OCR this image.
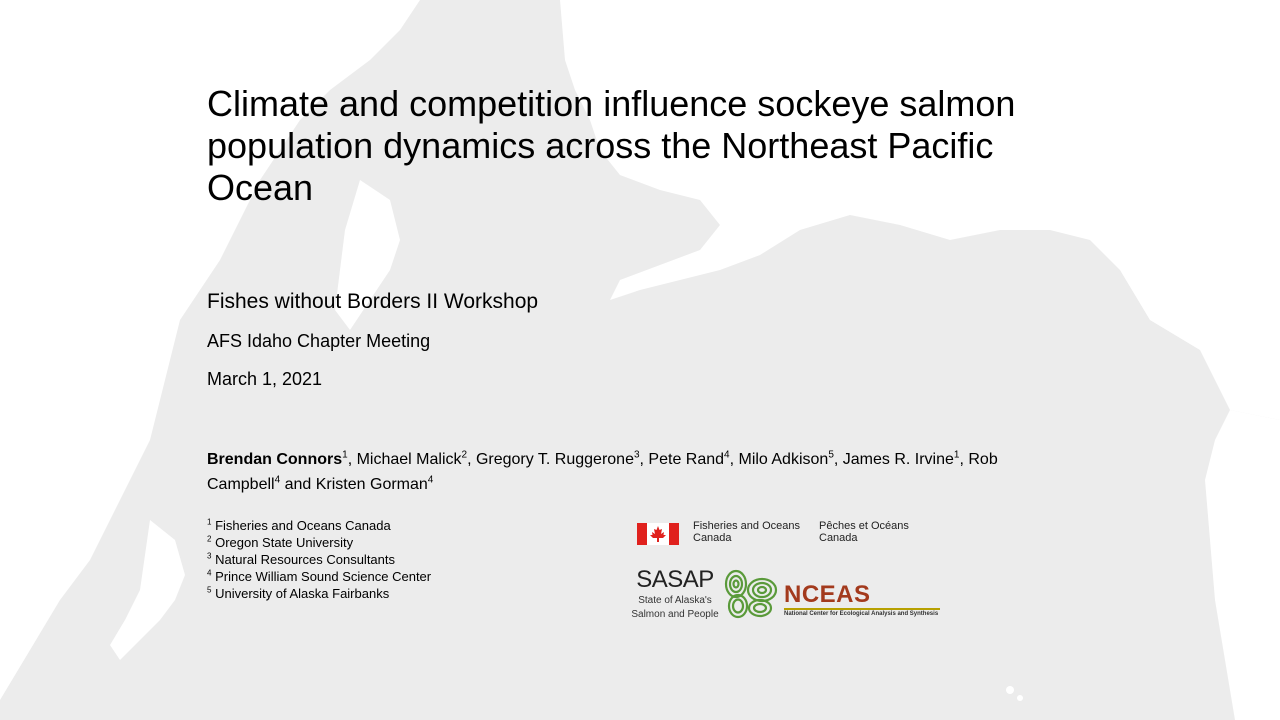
Climate and competition influence sockeye salmon population dynamics across the Northeast Pacific Ocean

Fishes without Borders II Workshop

AFS Idaho Chapter Meeting

March 1, 2021

Brendan Connors$^1$, Michael Malick$^2$, Gregory T. Ruggerone$^3$, Pete Rand$^4$, Milo Adkison$^5$, James R. Irvine$^1$, Rob Campbell$^4$ and Kristen Gorman$^4$

$^1$ Fisheries and Oceans Canada
$^2$ Oregon State University
$^3$ Natural Resources Consultants
$^4$ Prince William Sound Science Center
$^5$ University of Alaska Fairbanks
Fisheries and Oceans Canada
Pêches et Océans Canada
SASAP
State of Alaska's
Salmon and People
NCEAS
National Center for Ecological Analysis and Synthesis
